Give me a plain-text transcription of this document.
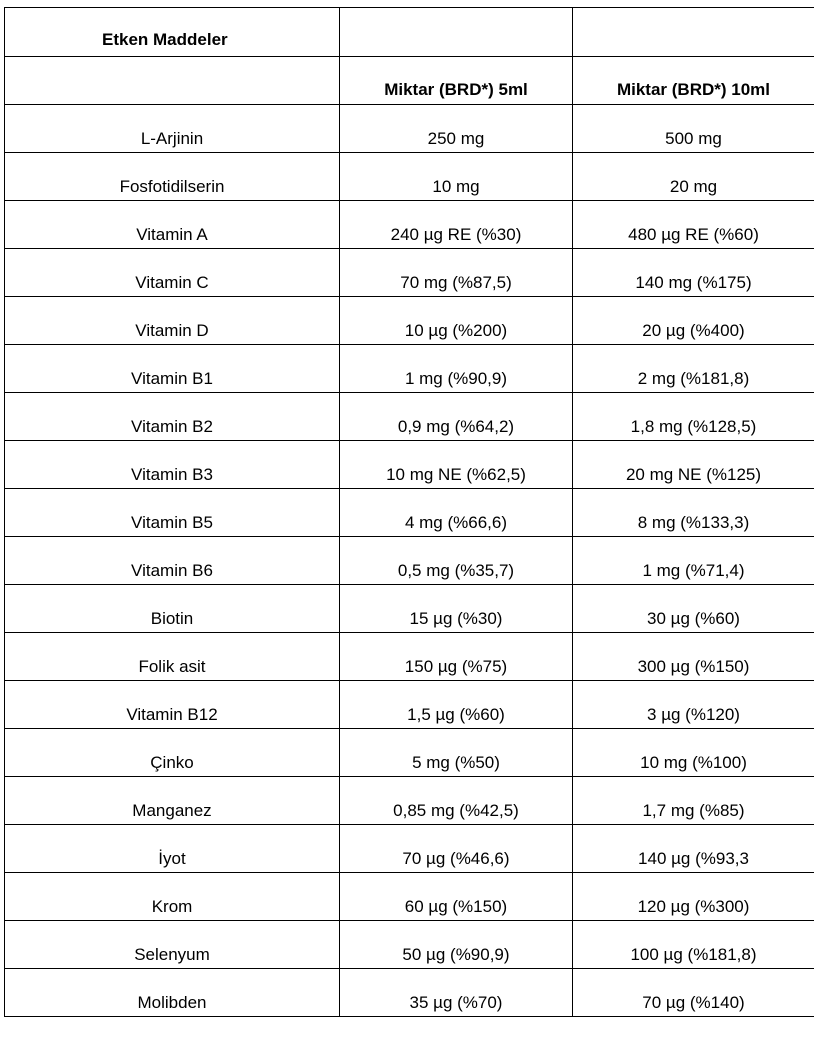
Etken Maddeler		
	Miktar (BRD*) 5ml	Miktar (BRD*) 10ml
L-Arjinin	250 mg	500 mg
Fosfotidilserin	10 mg	20 mg
Vitamin A	240 µg RE (%30)	480 µg RE (%60)
Vitamin C	70 mg (%87,5)	140 mg (%175)
Vitamin D	10 µg (%200)	20 µg (%400)
Vitamin B1	1 mg (%90,9)	2 mg (%181,8)
Vitamin B2	0,9 mg (%64,2)	1,8 mg (%128,5)
Vitamin B3	10 mg NE (%62,5)	20 mg NE (%125)
Vitamin B5	4 mg (%66,6)	8 mg (%133,3)
Vitamin B6	0,5 mg (%35,7)	1 mg (%71,4)
Biotin	15 µg (%30)	30 µg (%60)
Folik asit	150 µg (%75)	300 µg (%150)
Vitamin B12	1,5 µg (%60)	3 µg (%120)
Çinko	5 mg (%50)	10 mg (%100)
Manganez	0,85 mg (%42,5)	1,7 mg (%85)
İyot	70 µg (%46,6)	140 µg (%93,3
Krom	60 µg (%150)	120 µg (%300)
Selenyum	50 µg (%90,9)	100 µg (%181,8)
Molibden	35 µg (%70)	70 µg (%140)
